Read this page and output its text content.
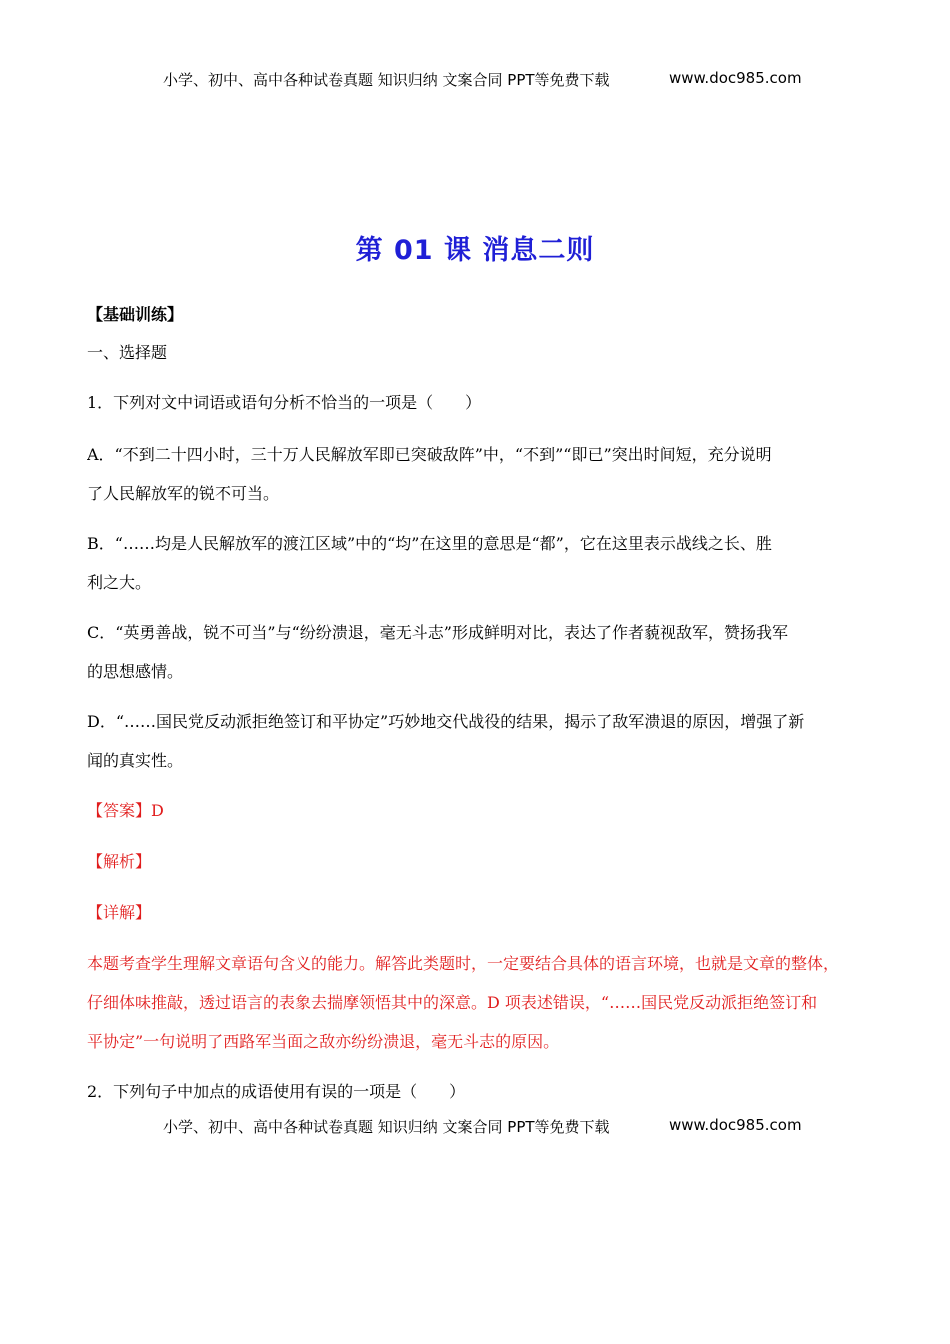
小学、初中、高中各种试卷真题 知识归纳 文案合同 PPT等免费下载	www.doc985.com
第 01 课 消息二则
【基础训练】
一、选择题
1．下列对文中词语或语句分析不恰当的一项是（　　）
A．“不到二十四小时，三十万人民解放军即已突破敌阵”中，“不到”“即已”突出时间短，充分说明
了人民解放军的锐不可当。
B．“……均是人民解放军的渡江区域”中的“均”在这里的意思是“都”，它在这里表示战线之长、胜
利之大。
C．“英勇善战，锐不可当”与“纷纷溃退，毫无斗志”形成鲜明对比，表达了作者藐视敌军，赞扬我军
的思想感情。
D．“……国民党反动派拒绝签订和平协定”巧妙地交代战役的结果，揭示了敌军溃退的原因，增强了新
闻的真实性。
【答案】D
【解析】
【详解】
本题考查学生理解文章语句含义的能力。解答此类题时，一定要结合具体的语言环境，也就是文章的整体，
仔细体味推敲，透过语言的表象去揣摩领悟其中的深意。D 项表述错误，“……国民党反动派拒绝签订和
平协定”一句说明了西路军当面之敌亦纷纷溃退，毫无斗志的原因。
2．下列句子中加点的成语使用有误的一项是（　　）
小学、初中、高中各种试卷真题 知识归纳 文案合同 PPT等免费下载	www.doc985.com
